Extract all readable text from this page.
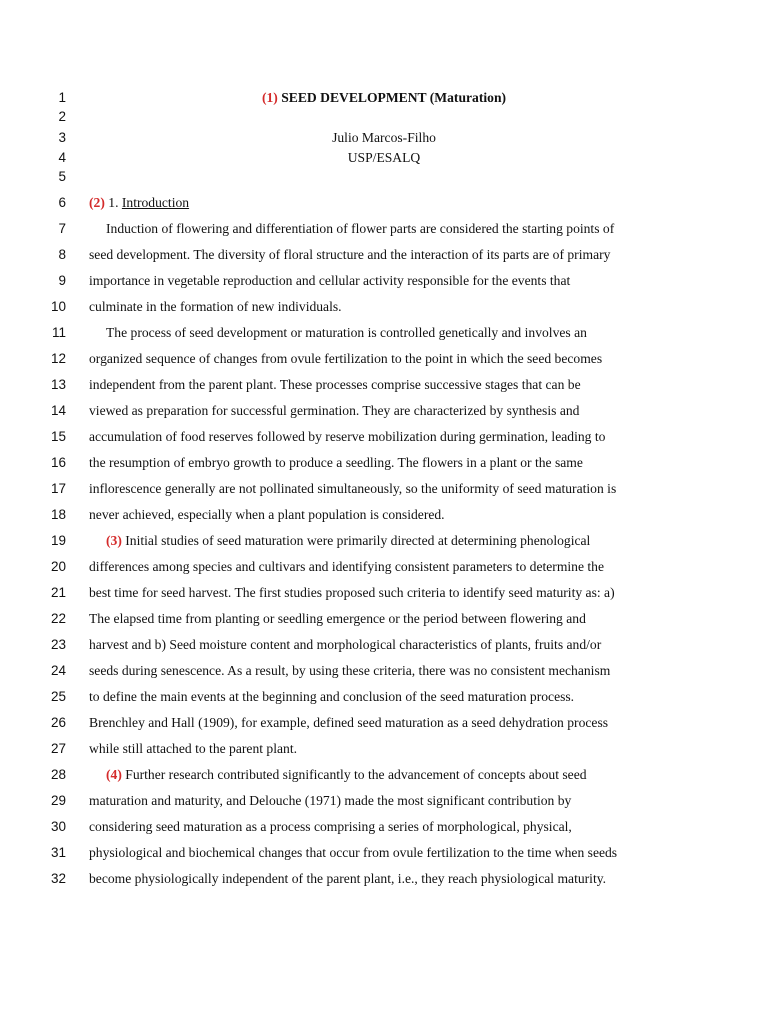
1	(1) SEED DEVELOPMENT (Maturation)
2
3	Julio Marcos-Filho
4	USP/ESALQ
5
6 (2) 1. Introduction
7	Induction of flowering and differentiation of flower parts are considered the starting points of
8 seed development. The diversity of floral structure and the interaction of its parts are of primary
9 importance in vegetable reproduction and cellular activity responsible for the events that
10 culminate in the formation of new individuals.
11	The process of seed development or maturation is controlled genetically and involves an
12 organized sequence of changes from ovule fertilization to the point in which the seed becomes
13 independent from the parent plant. These processes comprise successive stages that can be
14 viewed as preparation for successful germination. They are characterized by synthesis and
15 accumulation of food reserves followed by reserve mobilization during germination, leading to
16 the resumption of embryo growth to produce a seedling. The flowers in a plant or the same
17 inflorescence generally are not pollinated simultaneously, so the uniformity of seed maturation is
18 never achieved, especially when a plant population is considered.
19	(3) Initial studies of seed maturation were primarily directed at determining phenological
20 differences among species and cultivars and identifying consistent parameters to determine the
21 best time for seed harvest. The first studies proposed such criteria to identify seed maturity as: a)
22 The elapsed time from planting or seedling emergence or the period between flowering and
23 harvest and b) Seed moisture content and morphological characteristics of plants, fruits and/or
24 seeds during senescence. As a result, by using these criteria, there was no consistent mechanism
25 to define the main events at the beginning and conclusion of the seed maturation process.
26 Brenchley and Hall (1909), for example, defined seed maturation as a seed dehydration process
27 while still attached to the parent plant.
28	(4) Further research contributed significantly to the advancement of concepts about seed
29 maturation and maturity, and Delouche (1971) made the most significant contribution by
30 considering seed maturation as a process comprising a series of morphological, physical,
31 physiological and biochemical changes that occur from ovule fertilization to the time when seeds
32 become physiologically independent of the parent plant, i.e., they reach physiological maturity.
